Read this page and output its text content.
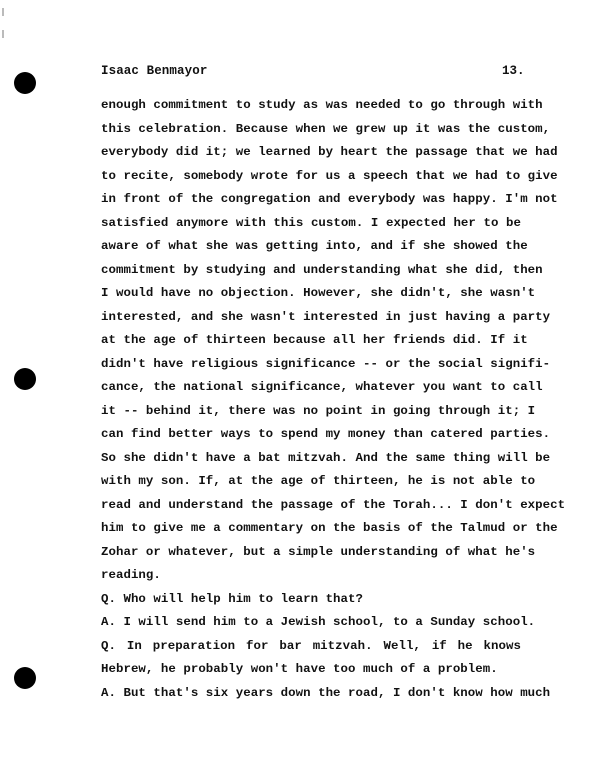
Isaac Benmayor	13.
enough commitment to study as was needed to go through with
this celebration. Because when we grew up it was the custom,
everybody did it; we learned by heart the passage that we had
to recite, somebody wrote for us a speech that we had to give
in front of the congregation and everybody was happy. I'm not
satisfied anymore with this custom. I expected her to be
aware of what she was getting into, and if she showed the
commitment by studying and understanding what she did, then
I would have no objection. However, she didn't, she wasn't
interested, and she wasn't interested in just having a party
at the age of thirteen because all her friends did. If it
didn't have religious significance -- or the social signifi-
cance, the national significance, whatever you want to call
it -- behind it, there was no point in going through it; I
can find better ways to spend my money than catered parties.
So she didn't have a bat mitzvah. And the same thing will be
with my son. If, at the age of thirteen, he is not able to
read and understand the passage of the Torah... I don't expect
him to give me a commentary on the basis of the Talmud or the
Zohar or whatever, but a simple understanding of what he's
reading.
Q. Who will help him to learn that?
A. I will send him to a Jewish school, to a Sunday school.
Q. In preparation for bar mitzvah. Well, if he knows
Hebrew, he probably won't have too much of a problem.
A. But that's six years down the road, I don't know how much
